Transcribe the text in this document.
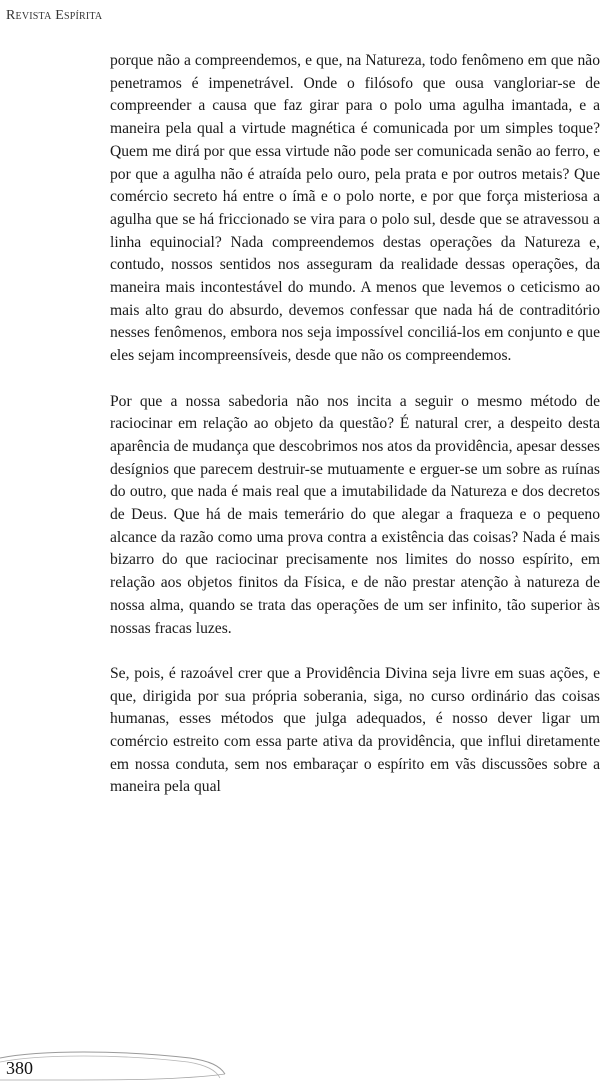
Revista Espírita

porque não a compreendemos, e que, na Natureza, todo fenômeno em que não penetramos é impenetrável. Onde o filósofo que ousa vangloriar-se de compreender a causa que faz girar para o polo uma agulha imantada, e a maneira pela qual a virtude magnética é comunicada por um simples toque? Quem me dirá por que essa virtude não pode ser comunicada senão ao ferro, e por que a agulha não é atraída pelo ouro, pela prata e por outros metais? Que comércio secreto há entre o ímã e o polo norte, e por que força misteriosa a agulha que se há friccionado se vira para o polo sul, desde que se atravessou a linha equinocial? Nada compreendemos destas operações da Natureza e, contudo, nossos sentidos nos asseguram da realidade dessas operações, da maneira mais incontestável do mundo. A menos que levemos o ceticismo ao mais alto grau do absurdo, devemos confessar que nada há de contraditório nesses fenômenos, embora nos seja impossível conciliá-los em conjunto e que eles sejam incompreensíveis, desde que não os compreendemos.

Por que a nossa sabedoria não nos incita a seguir o mesmo método de raciocinar em relação ao objeto da questão? É natural crer, a despeito desta aparência de mudança que descobrimos nos atos da providência, apesar desses desígnios que parecem destruir-se mutuamente e erguer-se um sobre as ruínas do outro, que nada é mais real que a imutabilidade da Natureza e dos decretos de Deus. Que há de mais temerário do que alegar a fraqueza e o pequeno alcance da razão como uma prova contra a existência das coisas? Nada é mais bizarro do que raciocinar precisamente nos limites do nosso espírito, em relação aos objetos finitos da Física, e de não prestar atenção à natureza de nossa alma, quando se trata das operações de um ser infinito, tão superior às nossas fracas luzes.

Se, pois, é razoável crer que a Providência Divina seja livre em suas ações, e que, dirigida por sua própria soberania, siga, no curso ordinário das coisas humanas, esses métodos que julga adequados, é nosso dever ligar um comércio estreito com essa parte ativa da providência, que influi diretamente em nossa conduta, sem nos embaraçar o espírito em vãs discussões sobre a maneira pela qual

380
